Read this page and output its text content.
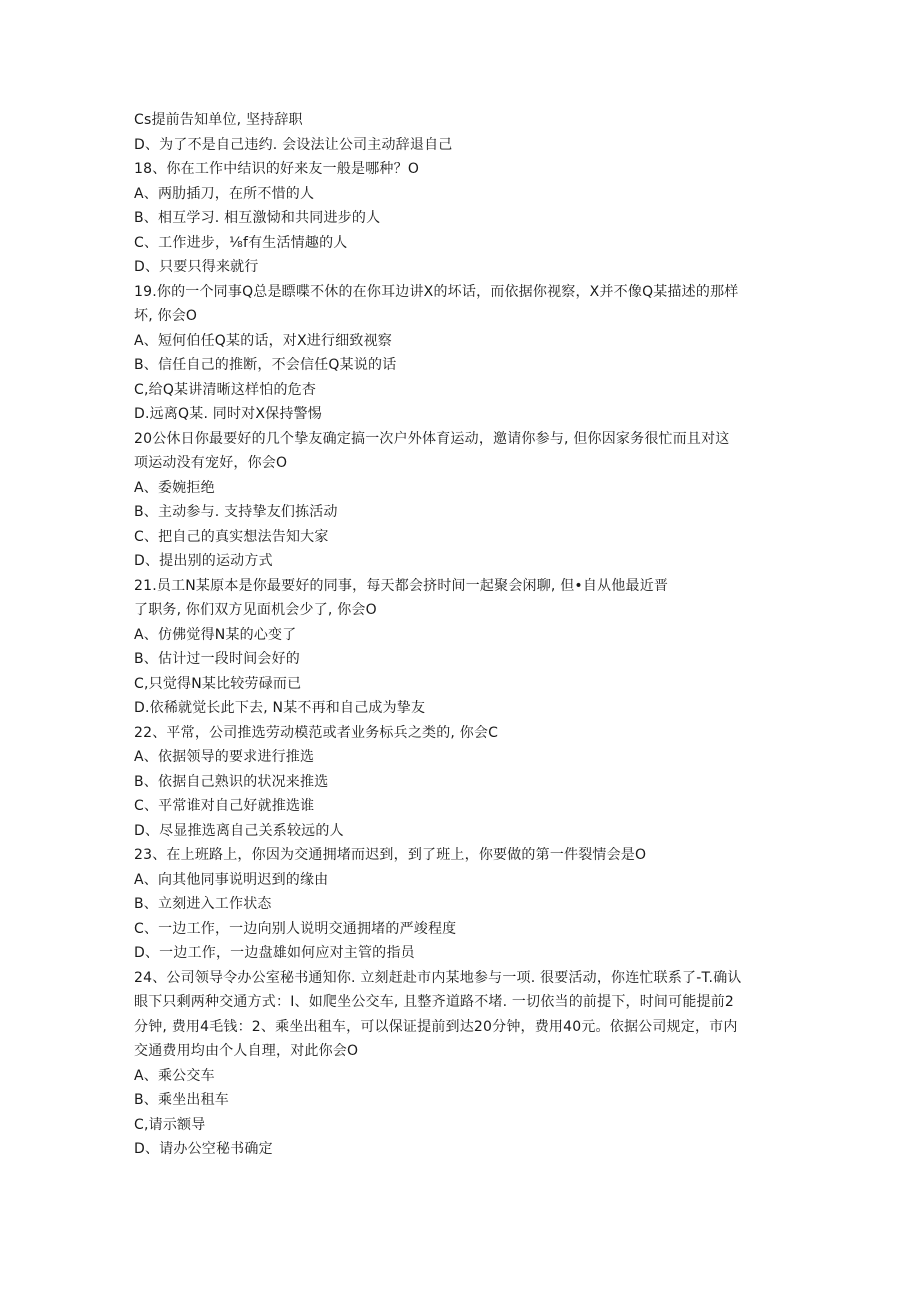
Cs提前告知单位, 坚持辞职
D、为了不是自己违约. 会设法让公司主动辞退自己
18、你在工作中结识的好来友一般是哪种？O
A、两肋插刀，在所不惜的人
B、相互学习. 相互激恸和共同进步的人
C、工作进步，⅛f有生活情趣的人
D、只要只得来就行
19.你的一个同事Q总是瞟喋不休的在你耳边讲X的坏话，而依据你视察，X并不像Q某描述的那样
坏, 你会O
A、短何伯任Q某的话，对X进行细致视察
B、信任自己的推断，不会信任Q某说的话
C,给Q某讲清晰这样怕的危杏
D.远离Q某. 同时对X保持警惕
20公休日你最要好的几个挚友确定搞一次户外体育运动，邀请你参与, 但你因家务很忙而且对这
项运动没有宠好，你会O
A、委婉拒绝
B、主动参与. 支持挚友们拣活动
C、把自己的真实想法告知大家
D、提出别的运动方式
21.员工N某原本是你最要好的同事，每天都会挤时间一起聚会闲聊, 但•自从他最近晋
了职务, 你们双方见面机会少了, 你会O
A、仿佛觉得N某的心变了
B、估计过一段时间会好的
C,只觉得N某比较劳碌而已
D.依稀就觉长此下去, N某不再和自己成为挚友
22、平常，公司推选劳动模范或者业务标兵之类的, 你会C
A、依据领导的要求进行推选
B、依据自己熟识的状况来推选
C、平常谁对自己好就推选谁
D、尽显推选离自己关系较远的人
23、在上班路上，你因为交通拥堵而迟到，到了班上，你要做的第一件裂情会是O
A、向其他同事说明迟到的缘由
B、立刻进入工作状态
C、一边工作，一边向别人说明交通拥堵的严竣程度
D、一边工作，一边盘雄如何应对主管的指员
24、公司领导令办公室秘书通知你. 立刻赶赴市内某地参与一项. 很要活动，你连忙联系了-T.确认
眼下只剩两种交通方式：I、如爬坐公交车, 且整齐道路不堵. 一切依当的前提下，时间可能提前2
分钟, 费用4毛钱：2、乘坐出租车，可以保证提前到达20分钟，费用40元。依据公司规定，市内
交通费用均由个人自理，对此你会O
A、乘公交车
B、乘坐出租车
C,请示额导
D、请办公空秘书确定
